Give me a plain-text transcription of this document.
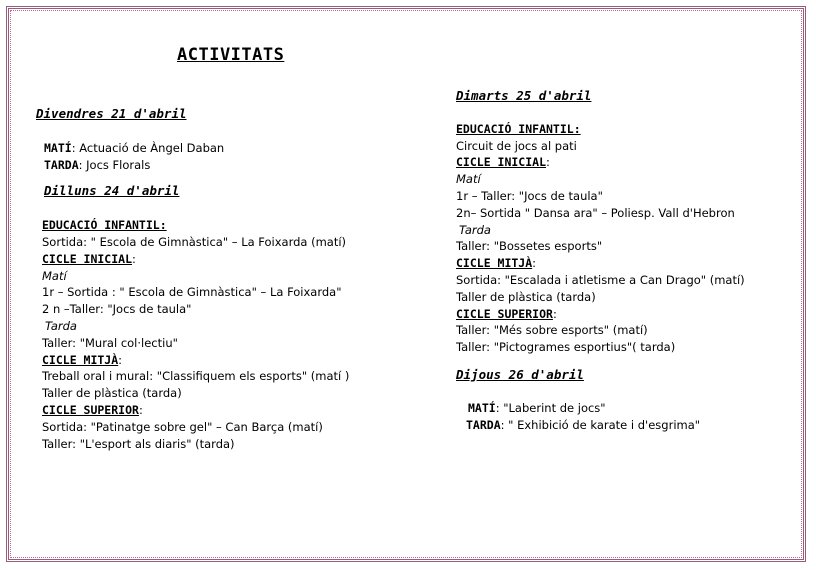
ACTIVITATS
Divendres 21 d'abril
MATÍ: Actuació de Àngel Daban
TARDA: Jocs Florals
Dilluns 24 d'abril
EDUCACIÓ INFANTIL:
Sortida: " Escola de Gimnàstica" – La Foixarda (matí)
CICLE INICIAL:
Matí
1r – Sortida : " Escola de Gimnàstica" – La Foixarda"
2 n –Taller: "Jocs de taula"
Tarda
Taller: "Mural col·lectiu"
CICLE MITJÀ:
Treball oral i mural: "Classifiquem els esports" (matí )
Taller de plàstica (tarda)
CICLE SUPERIOR:
Sortida: "Patinatge sobre gel" – Can Barça (matí)
Taller: "L'esport als diaris" (tarda)
Dimarts 25 d'abril
EDUCACIÓ INFANTIL:
Circuit de jocs al pati
CICLE INICIAL:
Matí
1r – Taller: "Jocs de taula"
2n– Sortida " Dansa ara" – Poliesp. Vall d'Hebron
Tarda
Taller: "Bossetes esports"
CICLE MITJÀ:
Sortida: "Escalada i atletisme a Can Drago" (matí)
Taller de plàstica (tarda)
CICLE SUPERIOR:
Taller: "Més sobre esports" (matí)
Taller: "Pictogrames esportius"( tarda)
Dijous 26 d'abril
MATÍ: "Laberint de jocs"
TARDA: " Exhibició de karate i d'esgrima"
